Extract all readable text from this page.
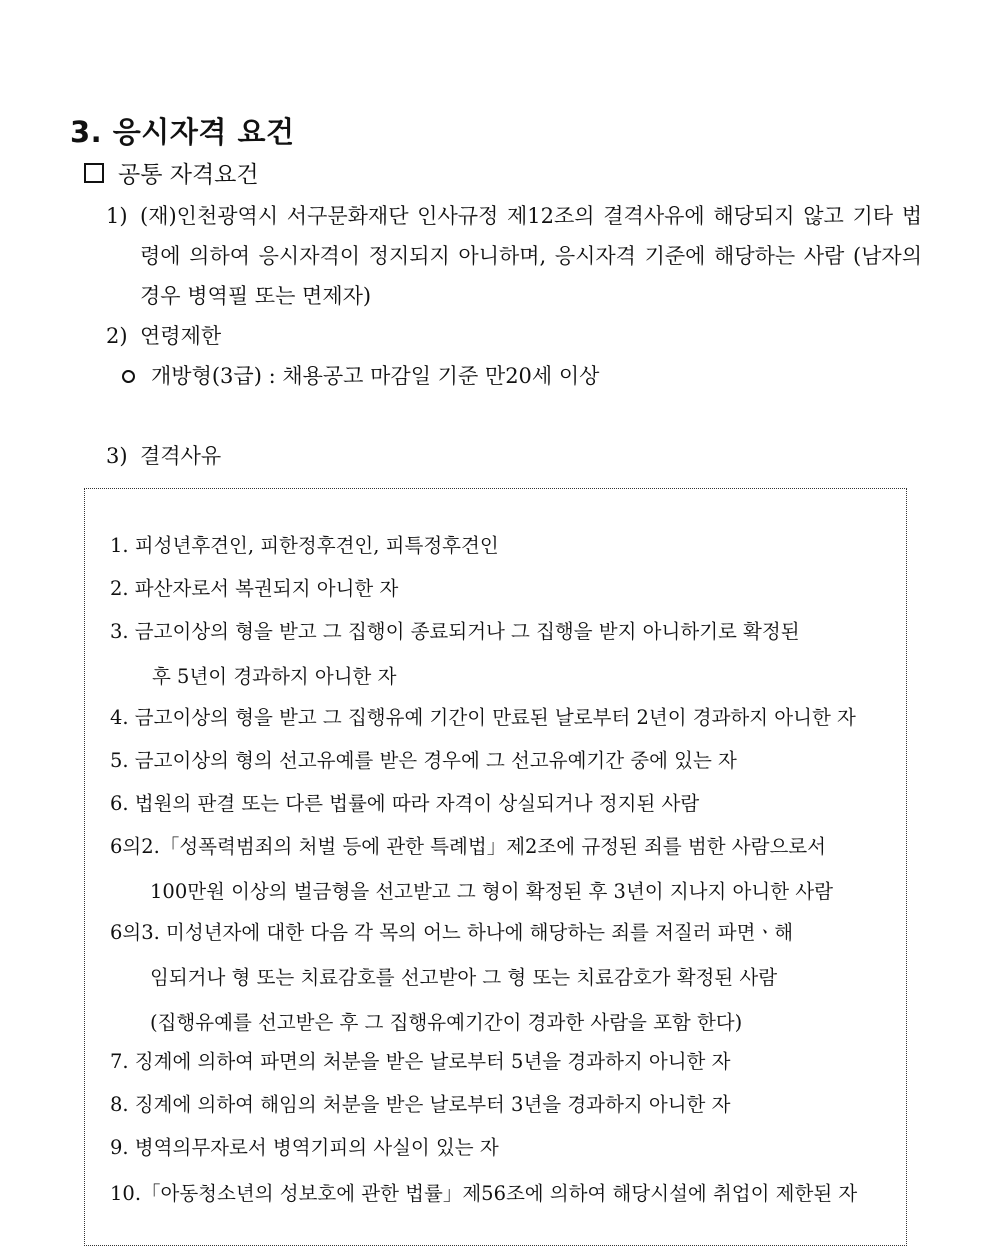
3. 응시자격 요건
공통 자격요건
1) (재)인천광역시 서구문화재단 인사규정 제12조의 결격사유에 해당되지 않고 기타 법령에 의하여 응시자격이 정지되지 아니하며, 응시자격 기준에 해당하는 사람 (남자의 경우 병역필 또는 면제자)
2) 연령제한
개방형(3급) : 채용공고 마감일 기준 만20세 이상
3) 결격사유
1. 피성년후견인, 피한정후견인, 피특정후견인
2. 파산자로서 복권되지 아니한 자
3. 금고이상의 형을 받고 그 집행이 종료되거나 그 집행을 받지 아니하기로 확정된
후 5년이 경과하지 아니한 자
4. 금고이상의 형을 받고 그 집행유예 기간이 만료된 날로부터 2년이 경과하지 아니한 자
5. 금고이상의 형의 선고유예를 받은 경우에 그 선고유예기간 중에 있는 자
6. 법원의 판결 또는 다른 법률에 따라 자격이 상실되거나 정지된 사람
6의2.「성폭력범죄의 처벌 등에 관한 특례법」제2조에 규정된 죄를 범한 사람으로서
100만원 이상의 벌금형을 선고받고 그 형이 확정된 후 3년이 지나지 아니한 사람
6의3. 미성년자에 대한 다음 각 목의 어느 하나에 해당하는 죄를 저질러 파면ㆍ해
임되거나 형 또는 치료감호를 선고받아 그 형 또는 치료감호가 확정된 사람
(집행유예를 선고받은 후 그 집행유예기간이 경과한 사람을 포함 한다)
7. 징계에 의하여 파면의 처분을 받은 날로부터 5년을 경과하지 아니한 자
8. 징계에 의하여 해임의 처분을 받은 날로부터 3년을 경과하지 아니한 자
9. 병역의무자로서 병역기피의 사실이 있는 자
10.「아동청소년의 성보호에 관한 법률」제56조에 의하여 해당시설에 취업이 제한된 자
